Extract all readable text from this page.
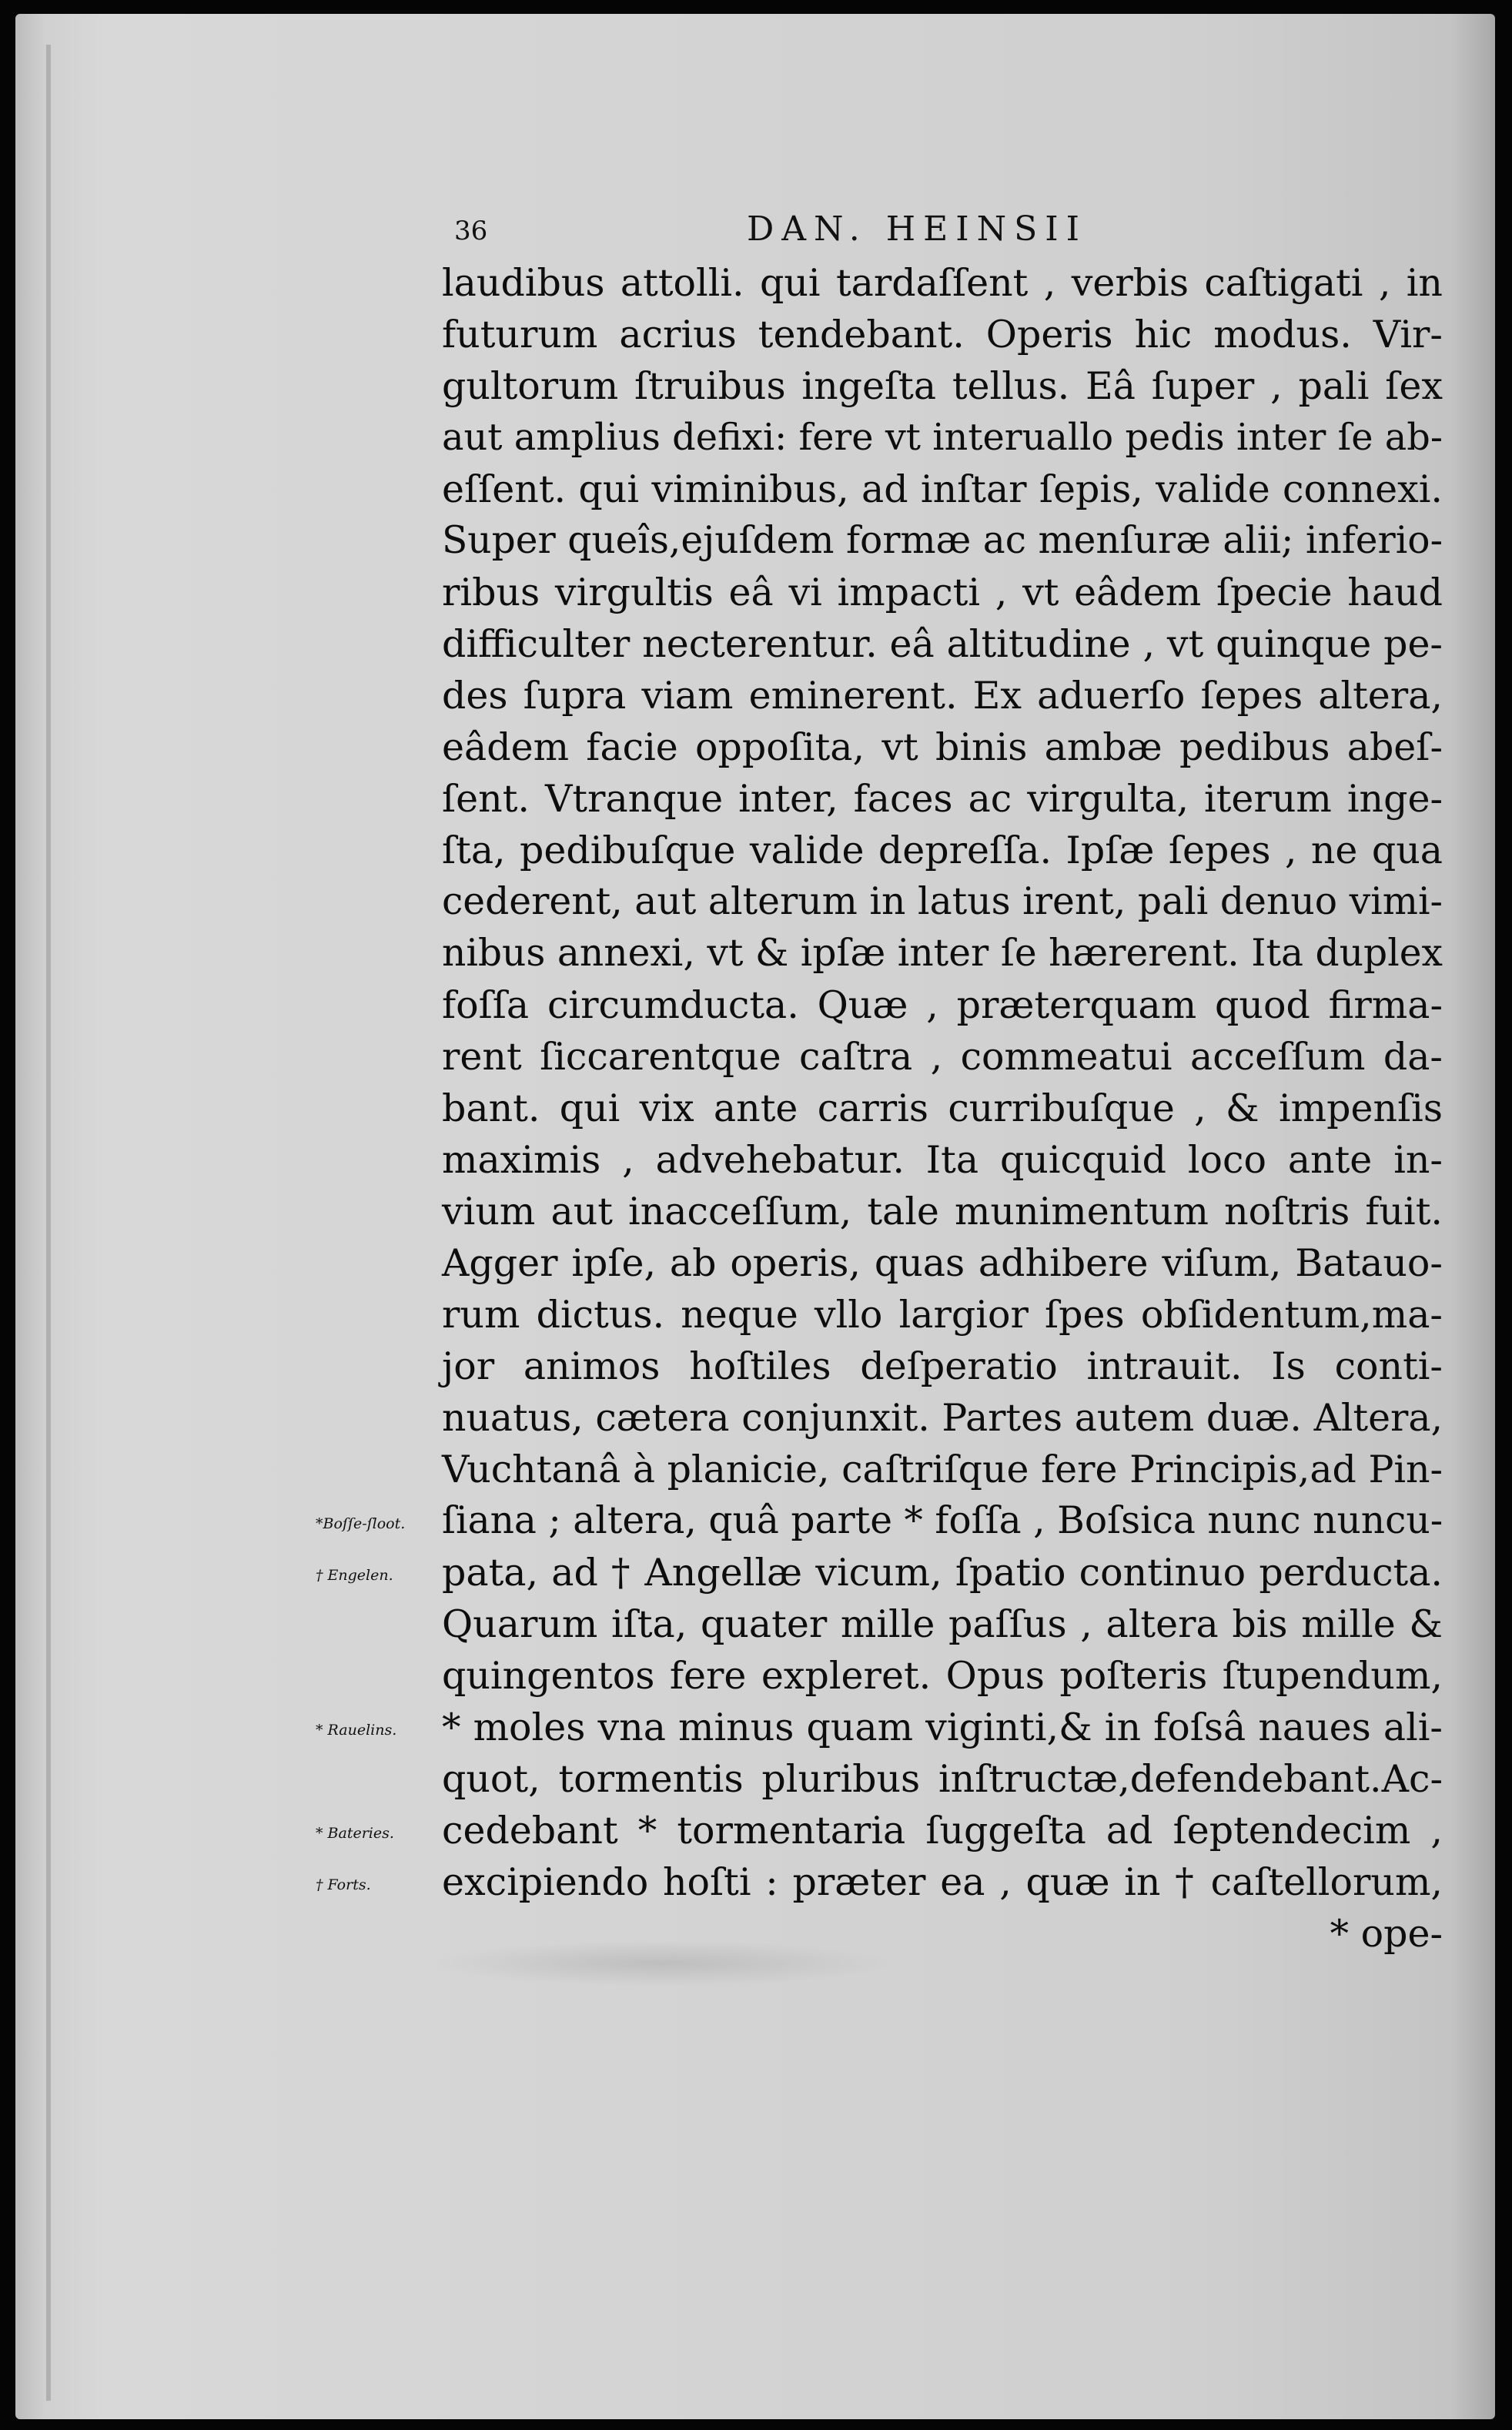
36	DAN. HEINSII
laudibus attolli. qui tardaſſent , verbis caſtigati , in
futurum acrius tendebant. Operis hic modus. Vir-
gultorum ſtruibus ingeſta tellus. Eâ ſuper , pali ſex
aut amplius defixi: fere vt interuallo pedis inter ſe ab-
eſſent. qui viminibus, ad inſtar ſepis, valide connexi.
Super queîs,ejuſdem formæ ac menſuræ alii; inferio-
ribus virgultis eâ vi impacti , vt eâdem ſpecie haud
difficulter necterentur. eâ altitudine , vt quinque pe-
des ſupra viam eminerent. Ex aduerſo ſepes altera,
eâdem facie oppoſita, vt binis ambæ pedibus abeſ-
ſent. Vtranque inter, faces ac virgulta, iterum inge-
ſta, pedibuſque valide depreſſa. Ipſæ ſepes , ne qua
cederent, aut alterum in latus irent, pali denuo vimi-
nibus annexi, vt & ipſæ inter ſe hærerent. Ita duplex
foſſa circumducta. Quæ , præterquam quod firma-
rent ſiccarentque caſtra , commeatui acceſſum da-
bant. qui vix ante carris curribuſque , & impenſis
maximis , advehebatur. Ita quicquid loco ante in-
vium aut inacceſſum, tale munimentum noſtris fuit.
Agger ipſe, ab operis, quas adhibere viſum, Batauo-
rum dictus. neque vllo largior ſpes obſidentum,ma-
jor animos hoſtiles deſperatio intrauit. Is conti-
nuatus, cætera conjunxit. Partes autem duæ. Altera,
Vuchtanâ à planicie, caſtriſque fere Principis,ad Pin-
ſiana ; altera, quâ parte * foſſa , Boſsica nunc nuncu-
pata, ad † Angellæ vicum, ſpatio continuo perducta.
Quarum iſta, quater mille paſſus , altera bis mille &
quingentos fere expleret. Opus poſteris ſtupendum,
* moles vna minus quam viginti,& in foſsâ naues ali-
quot, tormentis pluribus inſtructæ,defendebant.Ac-
cedebant * tormentaria ſuggeſta ad ſeptendecim ,
excipiendo hoſti : præter ea , quæ in † caſtellorum,
* ope-
*Boſſe-ſloot.
† Engelen.
* Rauelins.
* Bateries.
† Forts.
